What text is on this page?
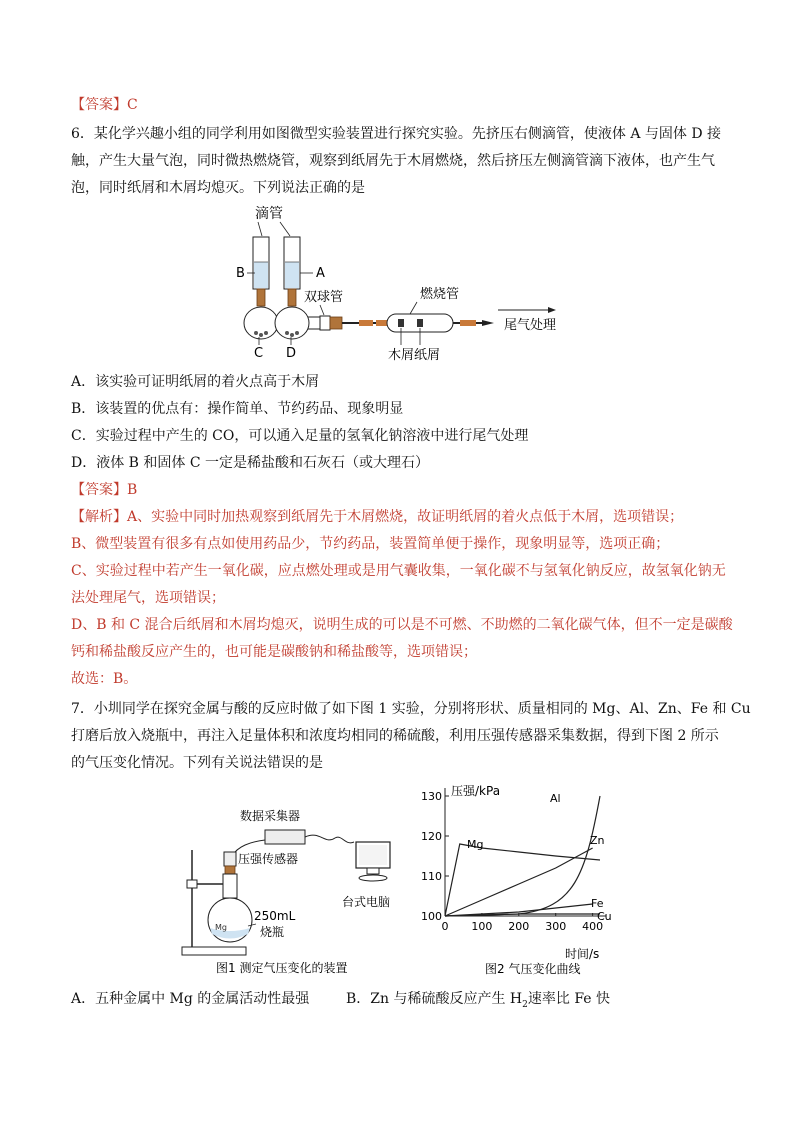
【答案】C
6．某化学兴趣小组的同学利用如图微型实验装置进行探究实验。先挤压右侧滴管，使液体 A 与固体 D 接
触，产生大量气泡，同时微热燃烧管，观察到纸屑先于木屑燃烧，然后挤压左侧滴管滴下液体，也产生气
泡，同时纸屑和木屑均熄灭。下列说法正确的是
滴管
B	A
C D
双球管	燃烧管
木屑纸屑
尾气处理
A．该实验可证明纸屑的着火点高于木屑
B．该装置的优点有：操作简单、节约药品、现象明显
C．实验过程中产生的 CO，可以通入足量的氢氧化钠溶液中进行尾气处理
D．液体 B 和固体 C 一定是稀盐酸和石灰石（或大理石）
【答案】B
【解析】A、实验中同时加热观察到纸屑先于木屑燃烧，故证明纸屑的着火点低于木屑，选项错误；
B、微型装置有很多有点如使用药品少，节约药品，装置简单便于操作，现象明显等，选项正确；
C、实验过程中若产生一氧化碳，应点燃处理或是用气囊收集，一氧化碳不与氢氧化钠反应，故氢氧化钠无
法处理尾气，选项错误；
D、B 和 C 混合后纸屑和木屑均熄灭，说明生成的可以是不可燃、不助燃的二氧化碳气体，但不一定是碳酸
钙和稀盐酸反应产生的，也可能是碳酸钠和稀盐酸等，选项错误；
故选：B。
7．小圳同学在探究金属与酸的反应时做了如下图 1 实验，分别将形状、质量相同的 Mg、Al、Zn、Fe 和 Cu
打磨后放入烧瓶中，再注入足量体积和浓度均相同的稀硫酸，利用压强传感器采集数据，得到下图 2 所示
的气压变化情况。下列有关说法错误的是
数据采集器
台式电脑
压强传感器
Mg
250mL
烧瓶
图1 测定气压变化的装置
130
120
110
100
0 100 200 300 400
Mg
Al
Zn
Fe
Cu
压强/kPa
时间/s
图2 气压变化曲线
A．五种金属中 Mg 的金属活动性最强	B．Zn 与稀硫酸反应产生 $H_2$速率比 Fe 快
